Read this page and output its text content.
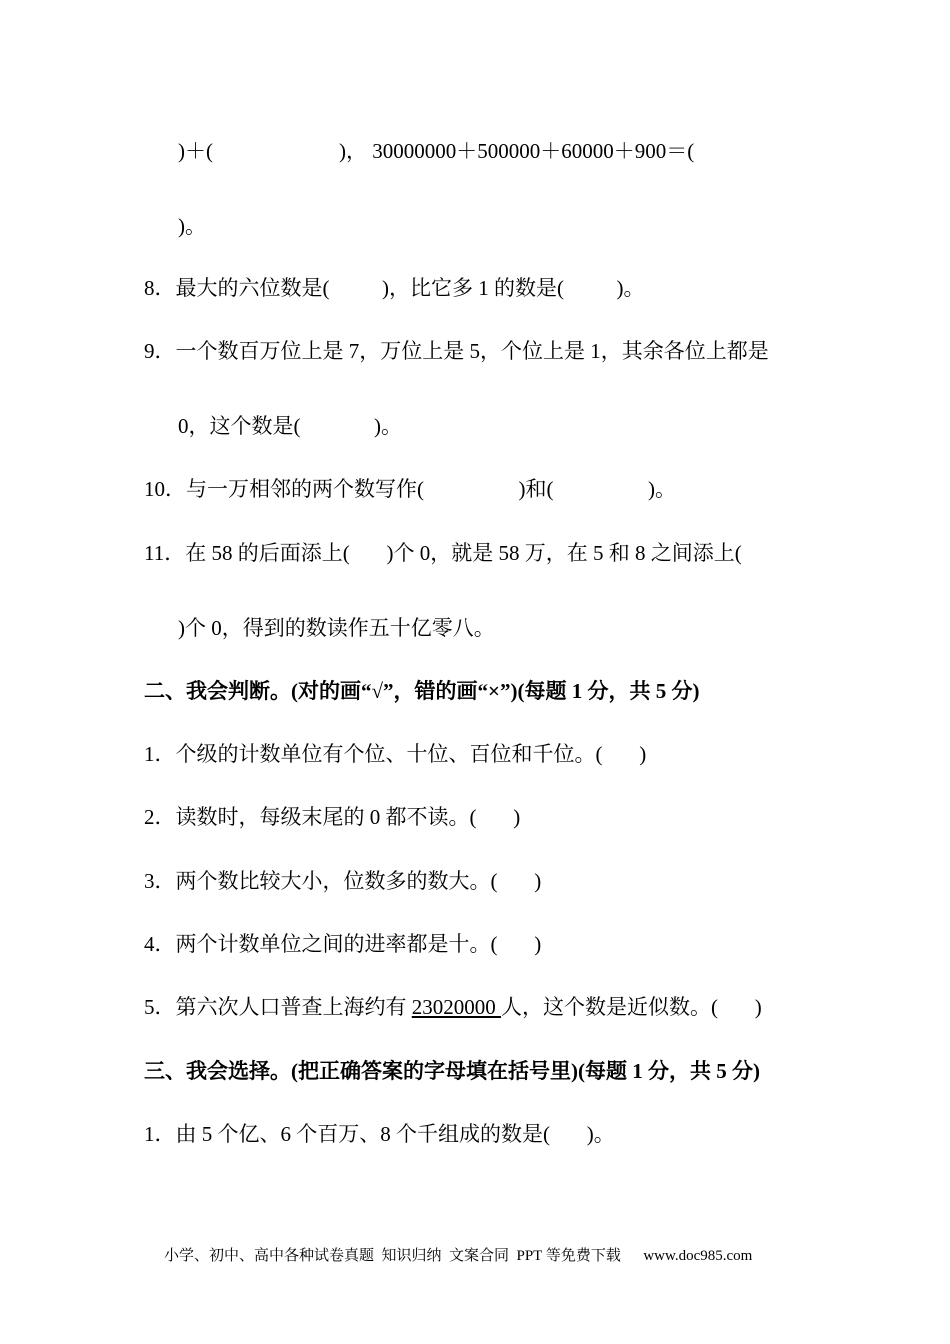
)＋(                        )， 30000000＋500000＋60000＋900＝(
)。
8．最大的六位数是(          )，比它多 1 的数是(          )。
9．一个数百万位上是 7，万位上是 5，个位上是 1，其余各位上都是
0，这个数是(              )。
10．与一万相邻的两个数写作(                  )和(                  )。
11．在 58 的后面添上(       )个 0，就是 58 万，在 5 和 8 之间添上(
)个 0，得到的数读作五十亿零八。
二、我会判断。(对的画“√”，错的画“×”)(每题 1 分，共 5 分)
1．个级的计数单位有个位、十位、百位和千位。(       )
2．读数时，每级末尾的 0 都不读。(       )
3．两个数比较大小，位数多的数大。(       )
4．两个计数单位之间的进率都是十。(       )
5．第六次人口普查上海约有 23020000 人，这个数是近似数。(       )
三、我会选择。(把正确答案的字母填在括号里)(每题 1 分，共 5 分)
1．由 5 个亿、6 个百万、8 个千组成的数是(       )。
小学、初中、高中各种试卷真题  知识归纳  文案合同  PPT 等免费下载      www.doc985.com
